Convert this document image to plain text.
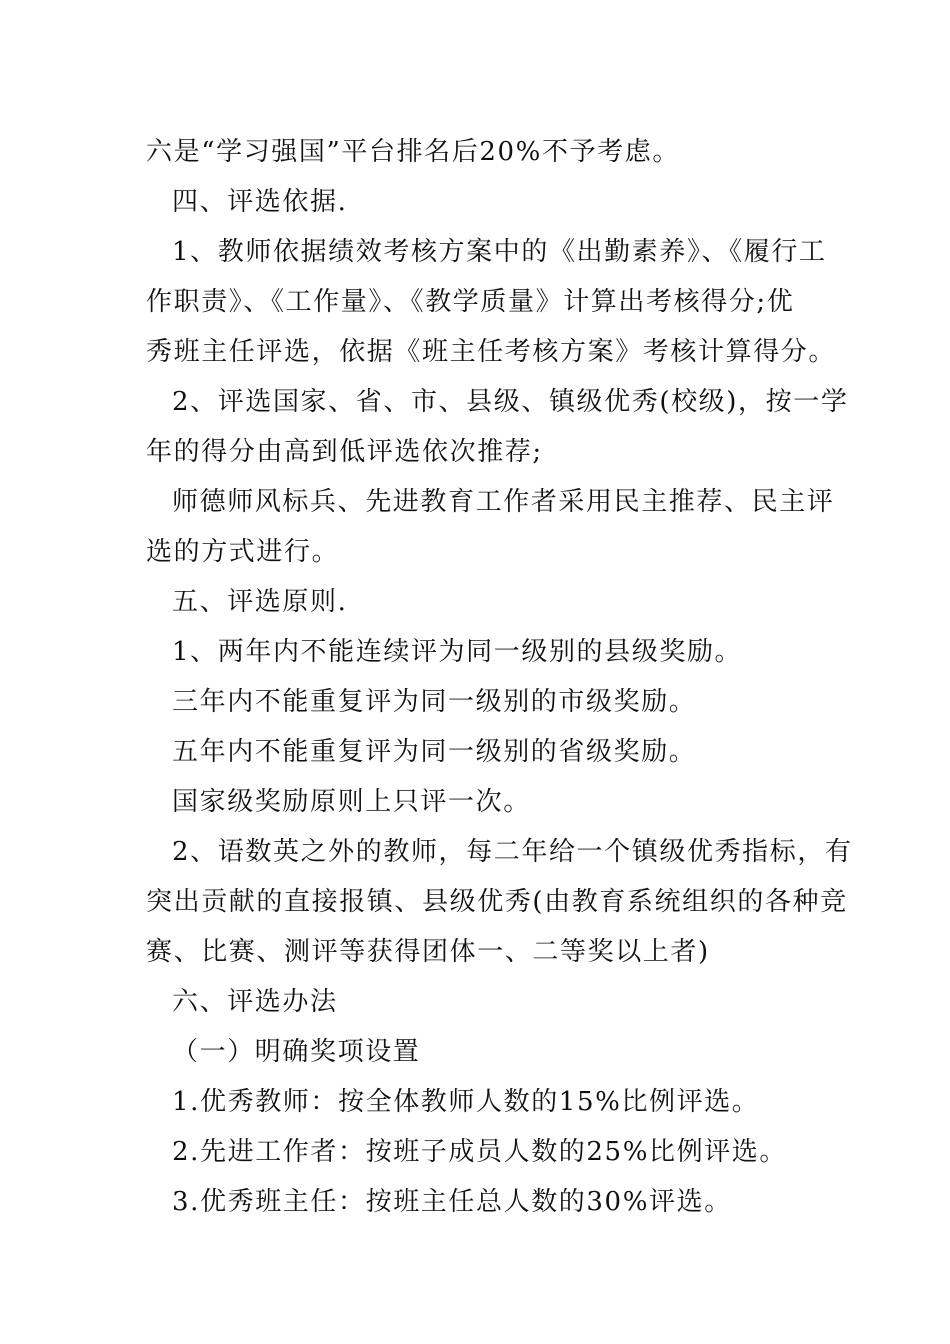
六是“学习强国”平台排名后20%不予考虑。
四、评选依据.
1、教师依据绩效考核方案中的《出勤素养》、《履行工
作职责》、《工作量》、《教学质量》计算出考核得分;优
秀班主任评选，依据《班主任考核方案》考核计算得分。
2、评选国家、省、市、县级、镇级优秀(校级)，按一学
年的得分由高到低评选依次推荐;
师德师风标兵、先进教育工作者采用民主推荐、民主评
选的方式进行。
五、评选原则.
1、两年内不能连续评为同一级别的县级奖励。
三年内不能重复评为同一级别的市级奖励。
五年内不能重复评为同一级别的省级奖励。
国家级奖励原则上只评一次。
2、语数英之外的教师，每二年给一个镇级优秀指标，有
突出贡献的直接报镇、县级优秀(由教育系统组织的各种竞
赛、比赛、测评等获得团体一、二等奖以上者)
六、评选办法
（一）明确奖项设置
1.优秀教师：按全体教师人数的15%比例评选。
2.先进工作者：按班子成员人数的25%比例评选。
3.优秀班主任：按班主任总人数的30%评选。
